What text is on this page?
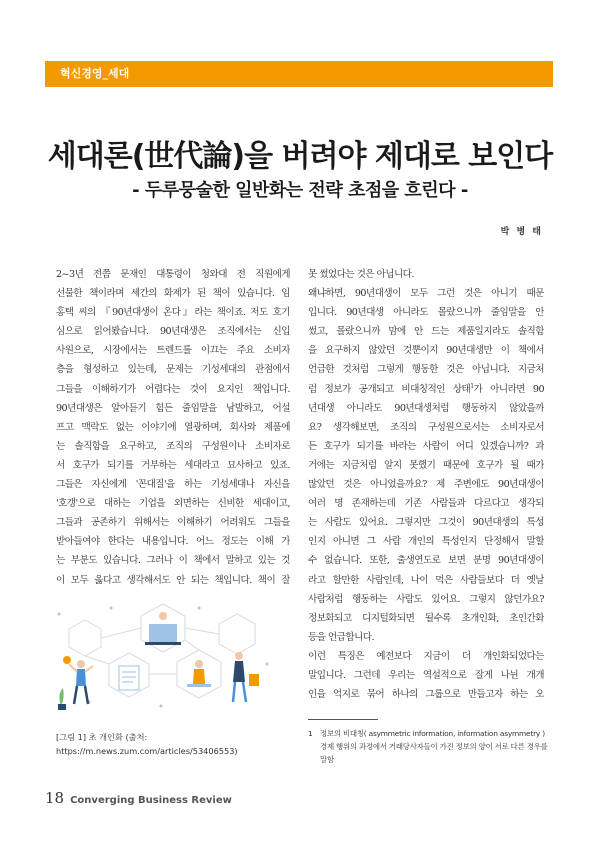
혁신경영_세대
세대론(世代論)을 버려야 제대로 보인다
- 두루뭉술한 일반화는 전략 초점을 흐린다 -
박 병 태

2~3년 전쯤 문재인 대통령이 청와대 전 직원에게

선물한 책이라며 세간의 화제가 된 책이 있습니다. 임

홍택 씨의 『90년대생이 온다』라는 책이죠. 저도 호기

심으로 읽어봤습니다. 90년대생은 조직에서는 신입

사원으로, 시장에서는 트렌드를 이끄는 주요 소비자

층을 형성하고 있는데, 문제는 기성세대의 관점에서

그들을 이해하기가 어렵다는 것이 요지인 책입니다.

90년대생은 알아듣기 힘든 줄임말을 남발하고, 어설

프고 맥락도 없는 이야기에 열광하며, 회사와 제품에

는 솔직함을 요구하고, 조직의 구성원이나 소비자로

서 호구가 되기를 거부하는 세대라고 묘사하고 있죠.

그들은 자신에게 '꼰대질'을 하는 기성세대나 자신을

'호갱'으로 대하는 기업을 외면하는 신비한 세대이고,

그들과 공존하기 위해서는 이해하기 어려워도 그들을

받아들여야 한다는 내용입니다. 어느 정도는 이해 가

는 부분도 있습니다. 그러나 이 책에서 말하고 있는 것

이 모두 옳다고 생각해서도 안 되는 책입니다. 책이 잘

못 썼었다는 것은 아닙니다.

왜냐하면, 90년대생이 모두 그런 것은 아니기 때문

입니다. 90년대생 아니라도 몰랐으니까 줄임말을 안

썼고, 몰랐으니까 맘에 안 드는 제품일지라도 솔직함

을 요구하지 않았던 것뿐이지 90년대생만 이 책에서

언급한 것처럼 그렇게 행동한 것은 아닙니다. 지금처

럼 정보가 공개되고 비대칭적인 상태$^1$가 아니라면 90

년대생 아니라도 90년대생처럼 행동하지 않았을까

요? 생각해보면, 조직의 구성원으로서는 소비자로서

든 호구가 되기를 바라는 사람이 어디 있겠습니까? 과

거에는 지금처럼 알지 못했기 때문에 호구가 될 때가

많았던 것은 아니었을까요? 제 주변에도 90년대생이

여러 명 존재하는데 기존 사람들과 다르다고 생각되

는 사람도 있어요. 그렇지만 그것이 90년대생의 특성

인지 아니면 그 사람 개인의 특성인지 단정해서 말할

수 없습니다. 또한, 출생연도로 보면 분명 90년대생이

라고 할만한 사람인데, 나이 먹은 사람들보다 더 옛날

사람처럼 행동하는 사람도 있어요. 그렇지 않던가요?

정보화되고 디지털화되면 될수록 초개인화, 초인간화

등을 언급합니다.

이런 특징은 예전보다 지금이 더 개인화되었다는

말입니다. 그런데 우리는 역설적으로 잘게 나뉜 개개

인을 억지로 묶어 하나의 그룹으로 만들고자 하는 오

[그림 1] 초 개인화 (출처: https://m.news.zum.com/articles/53406553)
1	정보의 비대칭( asymmetric information, information asymmetry ) 경제 행위의 과정에서 거래당사자들이 가진 정보의 양이 서로 다른 경우를 말함
18 Converging Business Review
